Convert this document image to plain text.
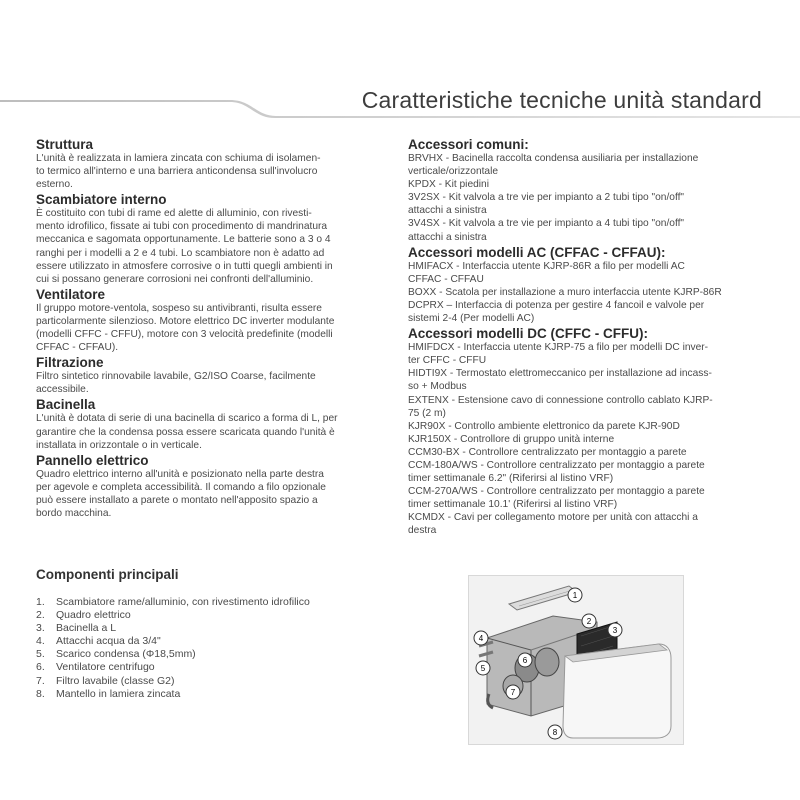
Caratteristiche tecniche unità standard
Struttura
L'unità è realizzata in lamiera zincata con schiuma di isolamen-
to termico all'interno e una barriera anticondensa sull'involucro
esterno.
Scambiatore interno
È costituito con tubi di rame ed alette di alluminio, con rivesti-
mento idrofilico, fissate ai tubi con procedimento di mandrinatura
meccanica e sagomata opportunamente. Le batterie sono a 3 o 4
ranghi per i modelli a 2 e 4 tubi. Lo scambiatore non è adatto ad
essere utilizzato in atmosfere corrosive o in tutti quegli ambienti in
cui si possano generare corrosioni nei confronti dell'alluminio.
Ventilatore
Il gruppo motore-ventola, sospeso su antivibranti, risulta essere
particolarmente silenzioso. Motore elettrico DC inverter modulante
(modelli CFFC - CFFU), motore con 3 velocità predefinite (modelli
CFFAC - CFFAU).
Filtrazione
Filtro sintetico rinnovabile lavabile, G2/ISO Coarse, facilmente
accessibile.
Bacinella
L'unità è dotata di serie di una bacinella di scarico a forma di L, per
garantire che la condensa possa essere scaricata quando l'unità è
installata in orizzontale o in verticale.
Pannello elettrico
Quadro elettrico interno all'unità e posizionato nella parte destra
per agevole e completa accessibilità. Il comando a filo opzionale
può essere installato a parete o montato nell'apposito spazio a
bordo macchina.
Accessori comuni:
BRVHX - Bacinella raccolta condensa ausiliaria per installazione
verticale/orizzontale
KPDX - Kit piedini
3V2SX - Kit valvola a tre vie per impianto a 2 tubi tipo "on/off"
attacchi a sinistra
3V4SX - Kit valvola a tre vie per impianto a 4 tubi tipo "on/off"
attacchi a sinistra
Accessori modelli AC (CFFAC - CFFAU):
HMIFACX - Interfaccia utente KJRP-86R a filo per modelli AC
CFFAC - CFFAU
BOXX - Scatola per installazione a muro interfaccia utente KJRP-86R
DCPRX – Interfaccia di potenza per gestire 4 fancoil e valvole per
sistemi 2-4 (Per modelli AC)
Accessori modelli DC (CFFC - CFFU):
HMIFDCX - Interfaccia utente KJRP-75 a filo per modelli DC inver-
ter CFFC - CFFU
HIDTI9X - Termostato elettromeccanico per installazione ad incass-
so + Modbus
EXTENX - Estensione cavo di connessione controllo cablato KJRP-
75 (2 m)
KJR90X - Controllo ambiente elettronico da parete KJR-90D
KJR150X - Controllore di gruppo unità interne
CCM30-BX - Controllore centralizzato per montaggio a parete
CCM-180A/WS - Controllore centralizzato per montaggio a parete
timer settimanale 6.2" (Riferirsi al listino VRF)
CCM-270A/WS - Controllore centralizzato per montaggio a parete
timer settimanale 10.1' (Riferirsi al listino VRF)
KCMDX - Cavi per collegamento motore per unità con attacchi a
destra
Componenti principali
1.	Scambiatore rame/alluminio, con rivestimento idrofilico
2.	Quadro elettrico
3.	Bacinella a L
4.	Attacchi acqua da 3/4"
5.	Scarico condensa (Φ18,5mm)
6.	Ventilatore centrifugo
7.	Filtro lavabile (classe G2)
8.	Mantello in lamiera zincata
1
2
3
4
5
6
7
8
